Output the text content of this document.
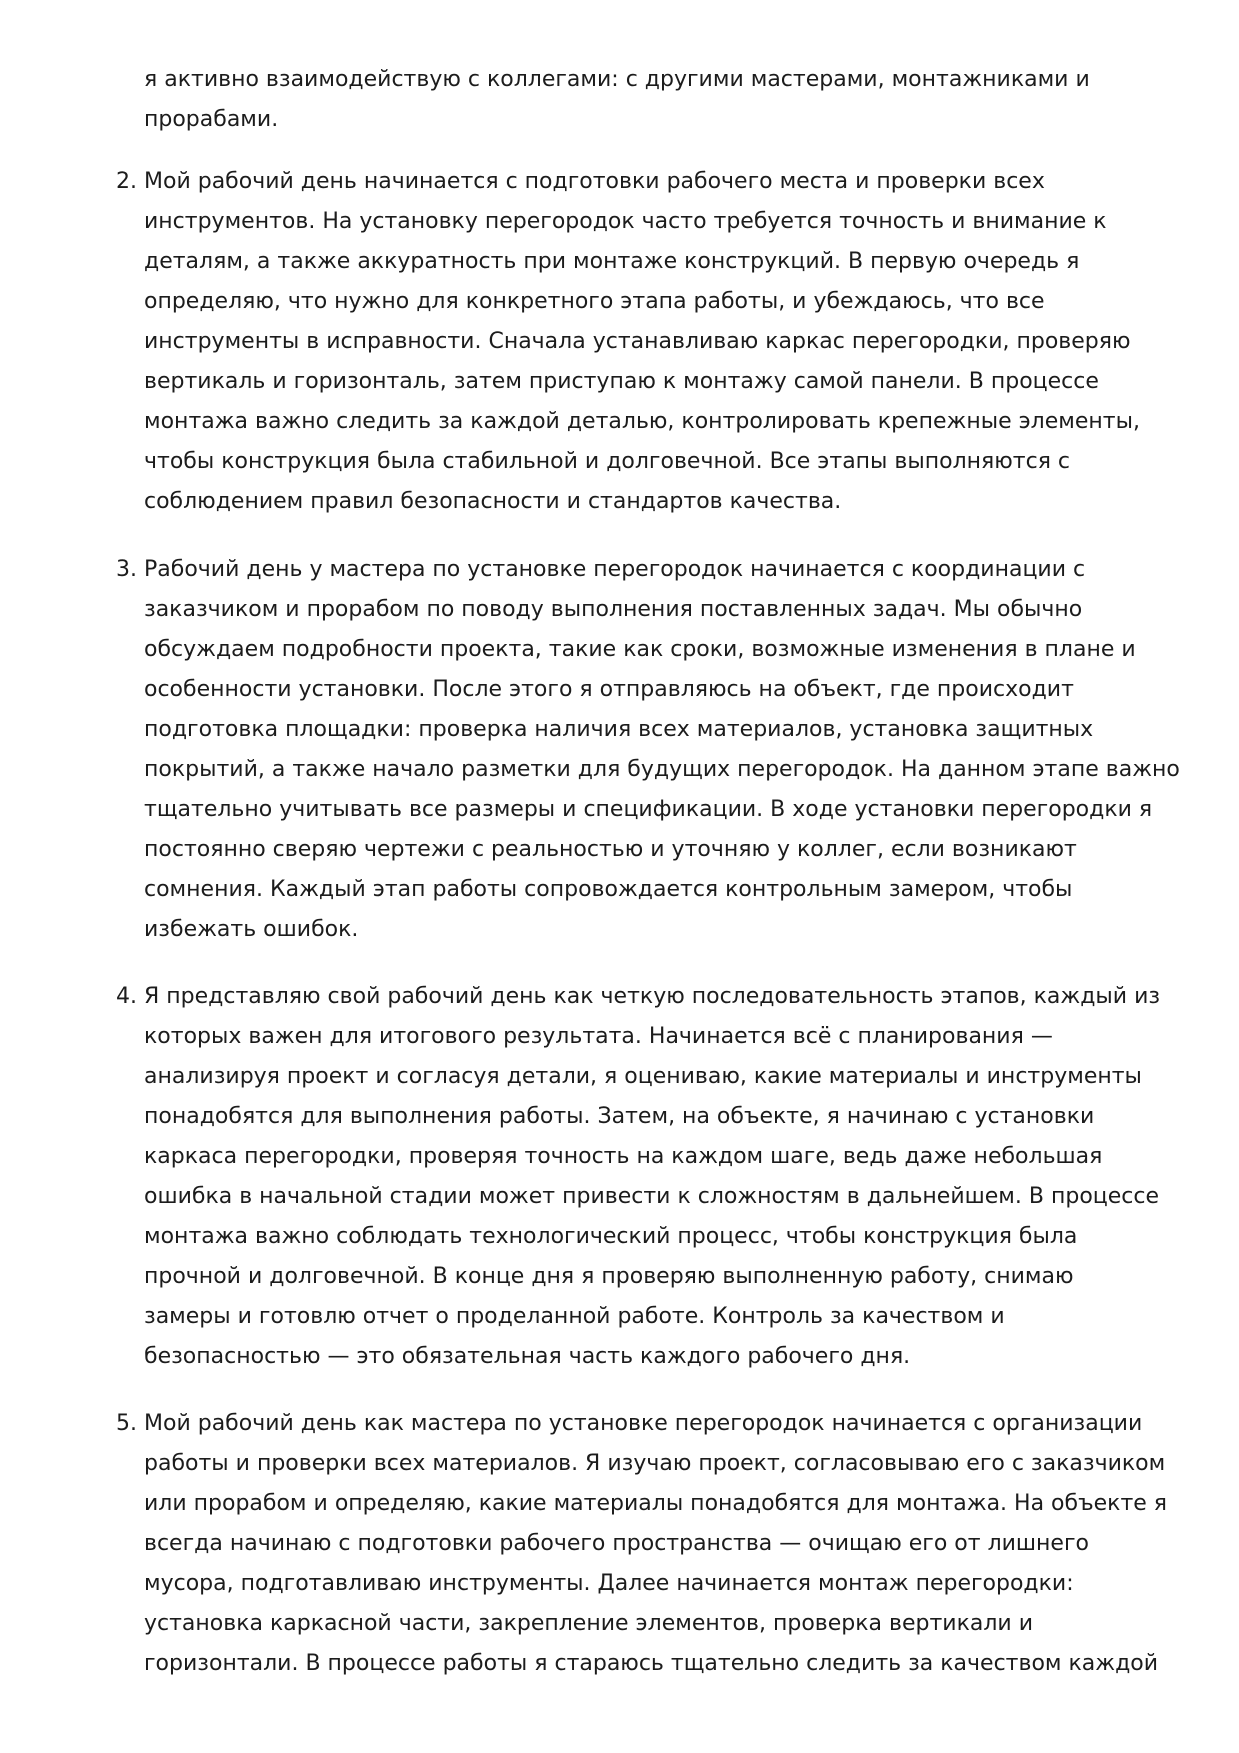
я активно взаимодействую с коллегами: с другими мастерами, монтажниками и
прорабами.
2. Мой рабочий день начинается с подготовки рабочего места и проверки всех
инструментов. На установку перегородок часто требуется точность и внимание к
деталям, а также аккуратность при монтаже конструкций. В первую очередь я
определяю, что нужно для конкретного этапа работы, и убеждаюсь, что все
инструменты в исправности. Сначала устанавливаю каркас перегородки, проверяю
вертикаль и горизонталь, затем приступаю к монтажу самой панели. В процессе
монтажа важно следить за каждой деталью, контролировать крепежные элементы,
чтобы конструкция была стабильной и долговечной. Все этапы выполняются с
соблюдением правил безопасности и стандартов качества.
3. Рабочий день у мастера по установке перегородок начинается с координации с
заказчиком и прорабом по поводу выполнения поставленных задач. Мы обычно
обсуждаем подробности проекта, такие как сроки, возможные изменения в плане и
особенности установки. После этого я отправляюсь на объект, где происходит
подготовка площадки: проверка наличия всех материалов, установка защитных
покрытий, а также начало разметки для будущих перегородок. На данном этапе важно
тщательно учитывать все размеры и спецификации. В ходе установки перегородки я
постоянно сверяю чертежи с реальностью и уточняю у коллег, если возникают
сомнения. Каждый этап работы сопровождается контрольным замером, чтобы
избежать ошибок.
4. Я представляю свой рабочий день как четкую последовательность этапов, каждый из
которых важен для итогового результата. Начинается всё с планирования —
анализируя проект и согласуя детали, я оцениваю, какие материалы и инструменты
понадобятся для выполнения работы. Затем, на объекте, я начинаю с установки
каркаса перегородки, проверяя точность на каждом шаге, ведь даже небольшая
ошибка в начальной стадии может привести к сложностям в дальнейшем. В процессе
монтажа важно соблюдать технологический процесс, чтобы конструкция была
прочной и долговечной. В конце дня я проверяю выполненную работу, снимаю
замеры и готовлю отчет о проделанной работе. Контроль за качеством и
безопасностью — это обязательная часть каждого рабочего дня.
5. Мой рабочий день как мастера по установке перегородок начинается с организации
работы и проверки всех материалов. Я изучаю проект, согласовываю его с заказчиком
или прорабом и определяю, какие материалы понадобятся для монтажа. На объекте я
всегда начинаю с подготовки рабочего пространства — очищаю его от лишнего
мусора, подготавливаю инструменты. Далее начинается монтаж перегородки:
установка каркасной части, закрепление элементов, проверка вертикали и
горизонтали. В процессе работы я стараюсь тщательно следить за качеством каждой
